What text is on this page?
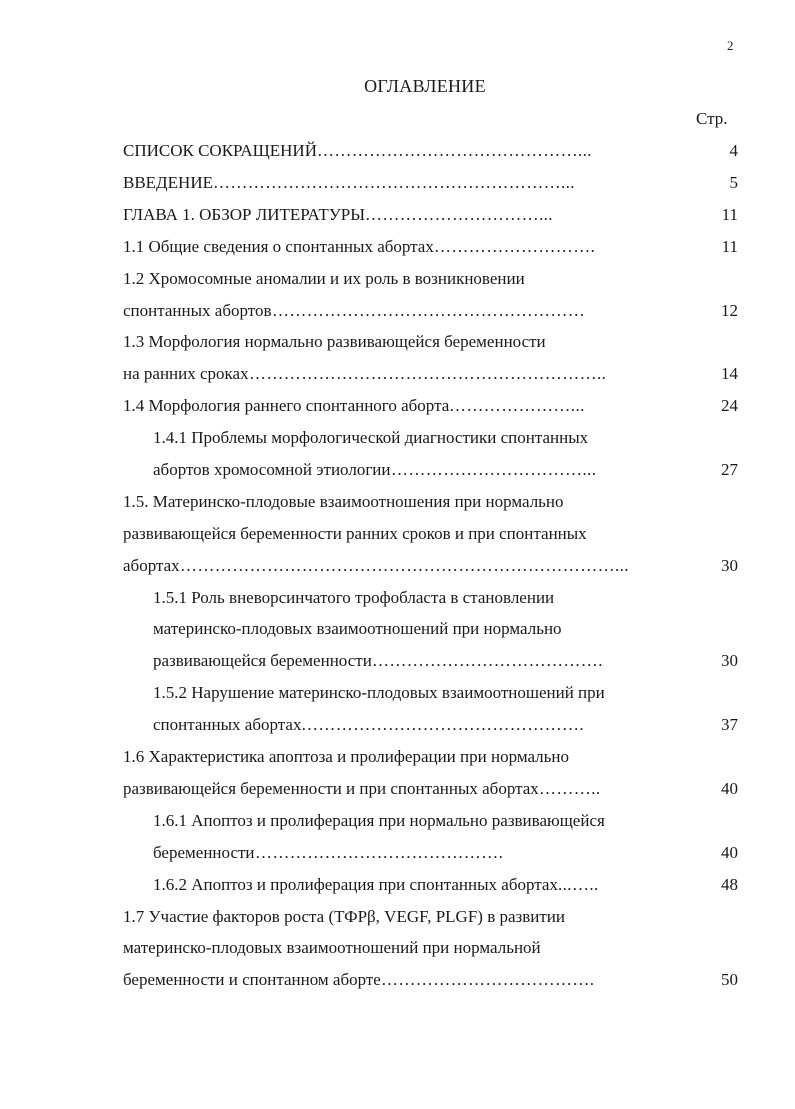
2
ОГЛАВЛЕНИЕ
Стр.
СПИСОК СОКРАЩЕНИЙ ………………………………………...	4
ВВЕДЕНИЕ ……………………………………………………...	5
ГЛАВА 1. ОБЗОР ЛИТЕРАТУРЫ …………………………...	11
1.1 Общие сведения о спонтанных абортах ……………………….	11
1.2 Хромосомные аномалии и их роль в возникновении
спонтанных абортов ………………………………………………	12
1.3 Морфология нормально развивающейся беременности
на ранних сроках ……………………………………………………..	14
1.4 Морфология раннего спонтанного аборта …………………...	24
1.4.1 Проблемы морфологической диагностики спонтанных
абортов хромосомной этиологии ……………………………...	27
1.5. Материнско-плодовые взаимоотношения при нормально
развивающейся беременности ранних сроков и при спонтанных
абортах …………………………………………………………………...	30
1.5.1 Роль вневорсинчатого трофобласта в становлении
материнско-плодовых взаимоотношений при нормально
развивающейся беременности ………………………………….	30
1.5.2 Нарушение материнско-плодовых взаимоотношений при
спонтанных абортах ………………………………………….	37
1.6 Характеристика апоптоза и пролиферации при нормально
развивающейся беременности и при спонтанных абортах ………..	40
1.6.1 Апоптоз и пролиферация при нормально развивающейся
беременности …………………………………….	40
1.6.2 Апоптоз и пролиферация при спонтанных абортах ...…..	48
1.7 Участие факторов роста (ТФРβ, VEGF, PLGF) в развитии
материнско-плодовых взаимоотношений при нормальной
беременности и спонтанном аборте ……………………………….	50
